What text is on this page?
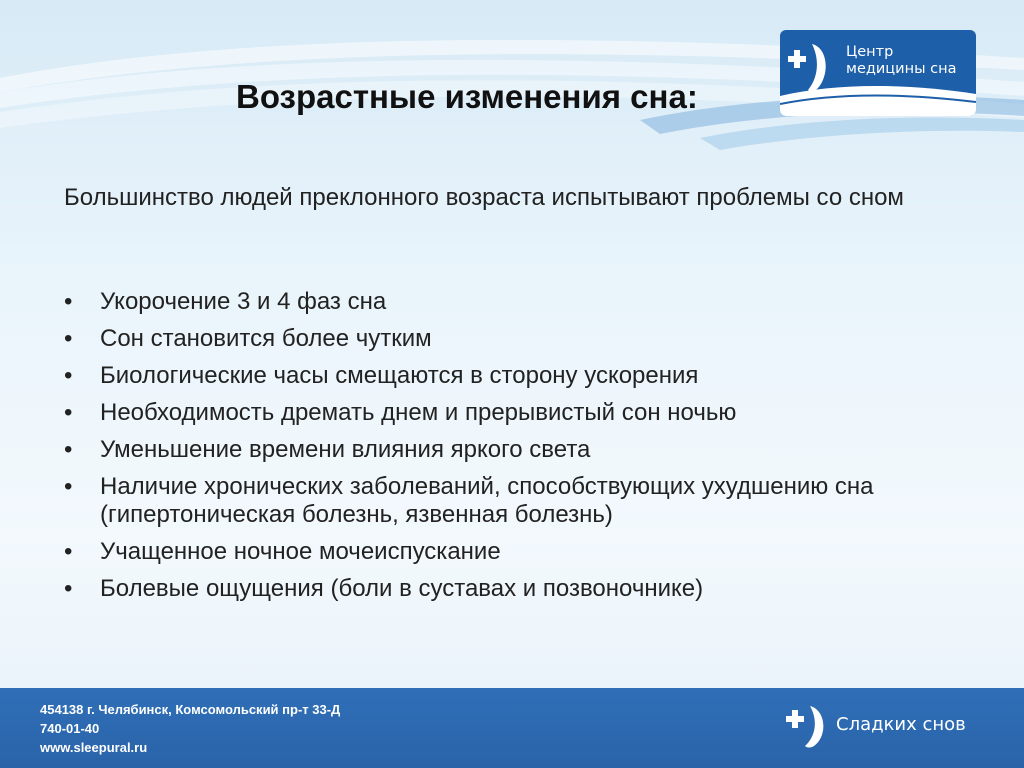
Центр
медицины сна
Возрастные изменения сна:
Большинство людей преклонного возраста испытывают проблемы со сном
• Укорочение 3 и 4 фаз сна
• Сон становится более чутким
• Биологические часы смещаются в сторону ускорения
• Необходимость дремать днем и прерывистый сон ночью
• Уменьшение времени влияния яркого света
• Наличие хронических заболеваний, способствующих ухудшению сна (гипертоническая болезнь, язвенная болезнь)
• Учащенное ночное мочеиспускание
• Болевые ощущения (боли в суставах и позвоночнике)
454138 г. Челябинск, Комсомольский пр-т 33-Д
740-01-40
www.sleepural.ru
Сладких снов
